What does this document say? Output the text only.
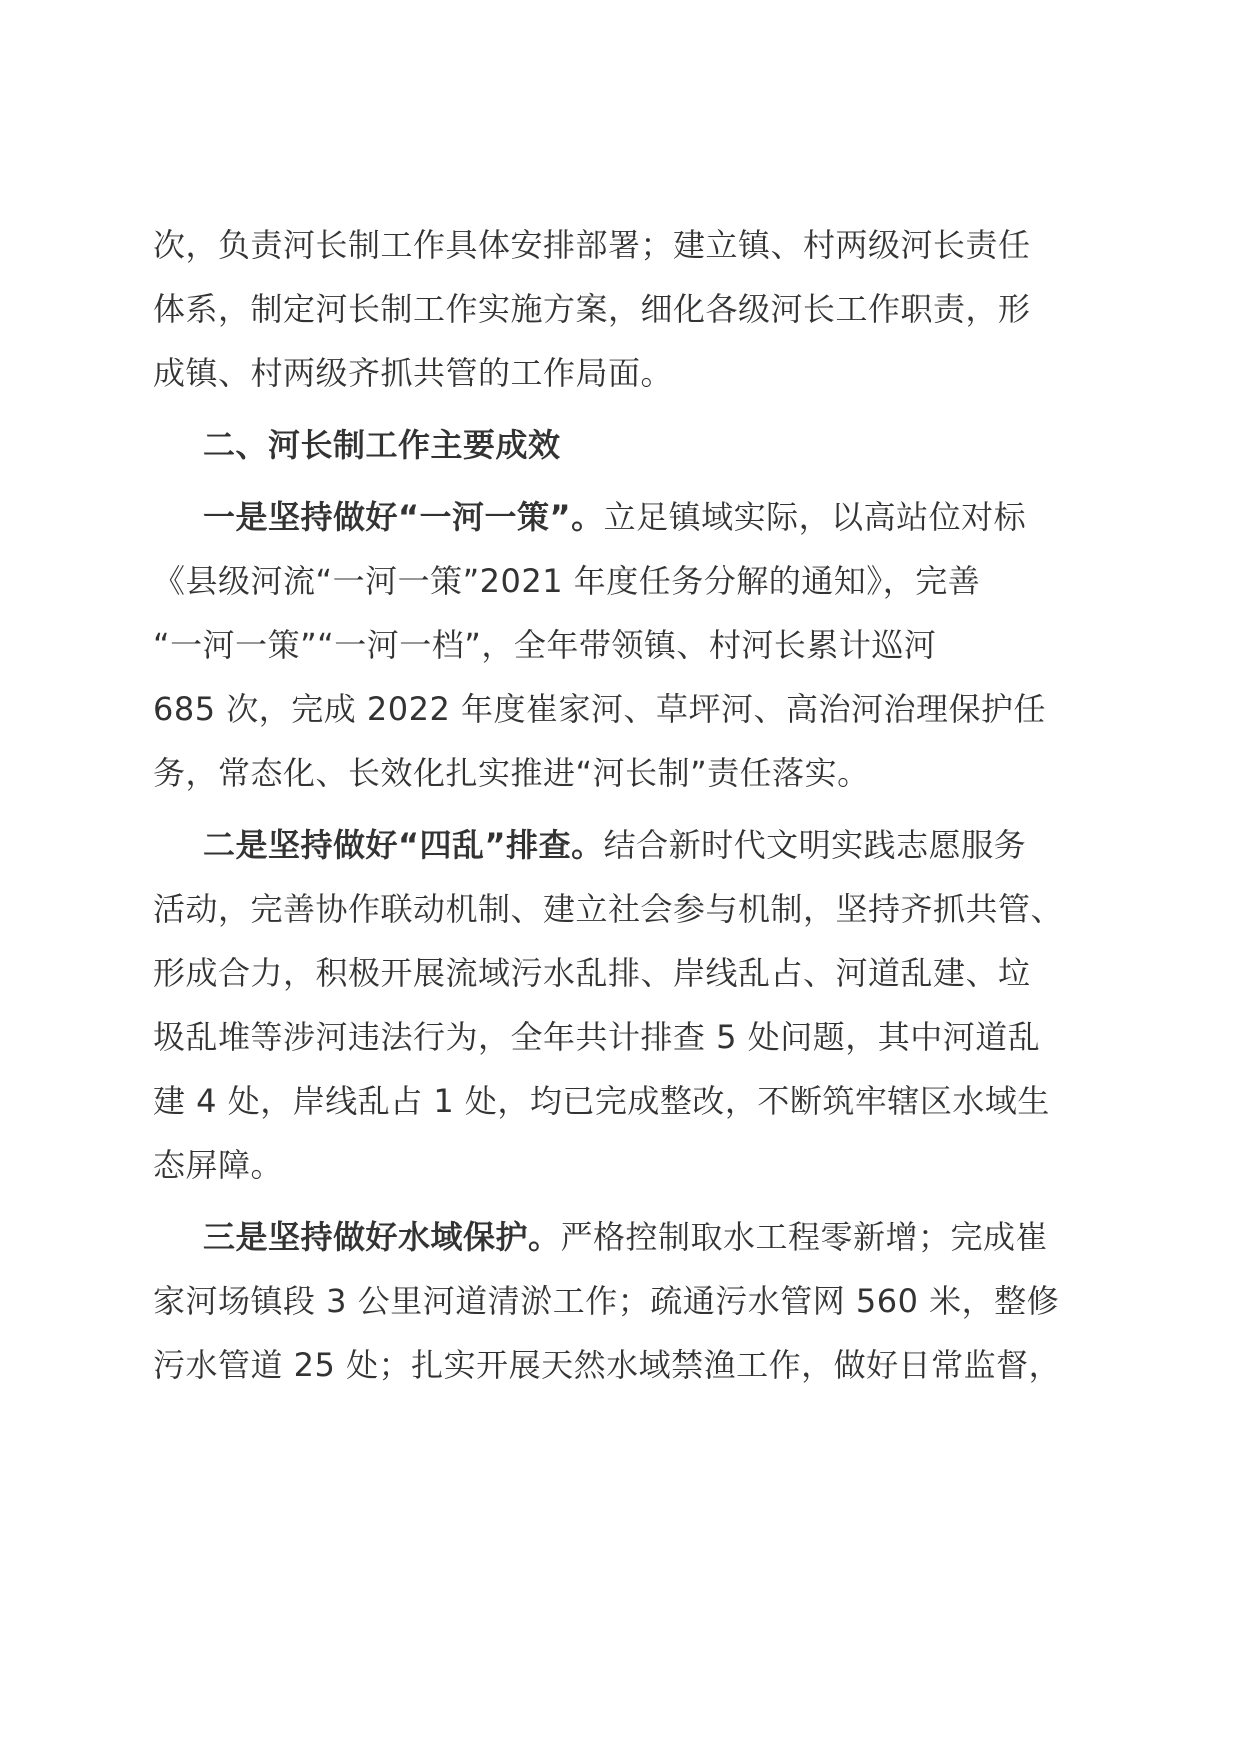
次，负责河长制工作具体安排部署；建立镇、村两级河长责任
体系，制定河长制工作实施方案，细化各级河长工作职责，形
成镇、村两级齐抓共管的工作局面。
二、河长制工作主要成效
一是坚持做好“一河一策”。立足镇域实际，以高站位对标
《县级河流“一河一策”2021 年度任务分解的通知》，完善
“一河一策”“一河一档”，全年带领镇、村河长累计巡河
685 次，完成 2022 年度崔家河、草坪河、高治河治理保护任
务，常态化、长效化扎实推进“河长制”责任落实。
二是坚持做好“四乱”排查。结合新时代文明实践志愿服务
活动，完善协作联动机制、建立社会参与机制，坚持齐抓共管、
形成合力，积极开展流域污水乱排、岸线乱占、河道乱建、垃
圾乱堆等涉河违法行为，全年共计排查 5 处问题，其中河道乱
建 4 处，岸线乱占 1 处，均已完成整改，不断筑牢辖区水域生
态屏障。
三是坚持做好水域保护。严格控制取水工程零新增；完成崔
家河场镇段 3 公里河道清淤工作；疏通污水管网 560 米，整修
污水管道 25 处；扎实开展天然水域禁渔工作，做好日常监督，
